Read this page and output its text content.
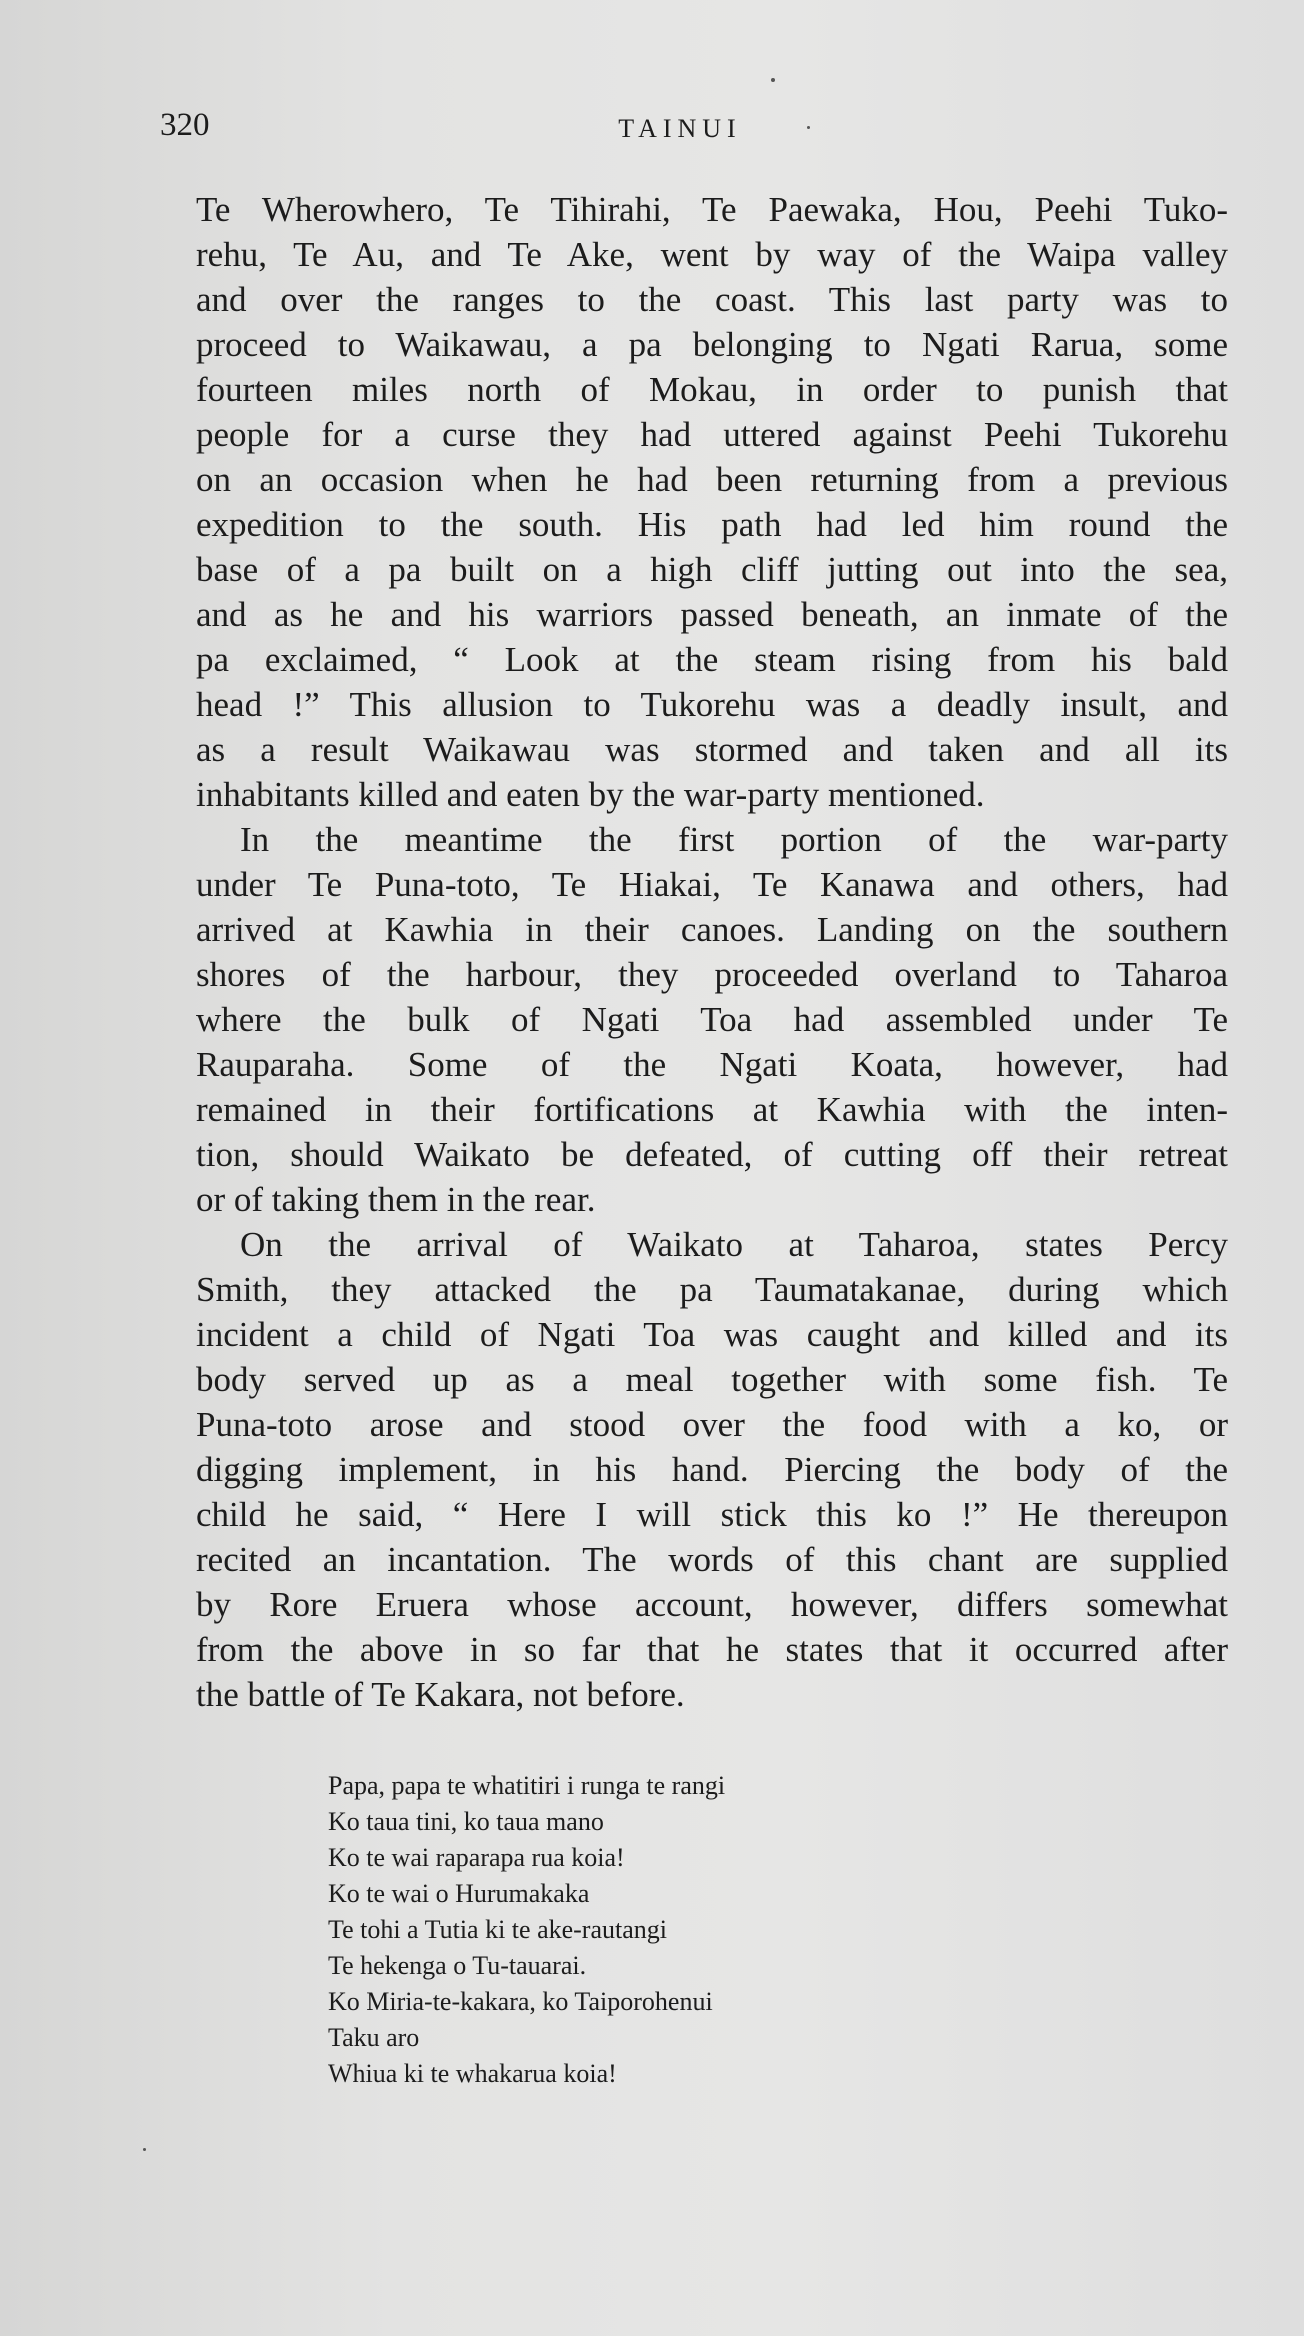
320	TAINUI
Te Wherowhero, Te Tihirahi, Te Paewaka, Hou, Peehi Tuko-
rehu, Te Au, and Te Ake, went by way of the Waipa valley
and over the ranges to the coast. This last party was to
proceed to Waikawau, a pa belonging to Ngati Rarua, some
fourteen miles north of Mokau, in order to punish that
people for a curse they had uttered against Peehi Tukorehu
on an occasion when he had been returning from a previous
expedition to the south. His path had led him round the
base of a pa built on a high cliff jutting out into the sea,
and as he and his warriors passed beneath, an inmate of the
pa exclaimed, “ Look at the steam rising from his bald
head !” This allusion to Tukorehu was a deadly insult, and
as a result Waikawau was stormed and taken and all its
inhabitants killed and eaten by the war-party mentioned.
In the meantime the first portion of the war-party
under Te Puna-toto, Te Hiakai, Te Kanawa and others, had
arrived at Kawhia in their canoes. Landing on the southern
shores of the harbour, they proceeded overland to Taharoa
where the bulk of Ngati Toa had assembled under Te
Rauparaha. Some of the Ngati Koata, however, had
remained in their fortifications at Kawhia with the inten-
tion, should Waikato be defeated, of cutting off their retreat
or of taking them in the rear.
On the arrival of Waikato at Taharoa, states Percy
Smith, they attacked the pa Taumatakanae, during which
incident a child of Ngati Toa was caught and killed and its
body served up as a meal together with some fish. Te
Puna-toto arose and stood over the food with a ko, or
digging implement, in his hand. Piercing the body of the
child he said, “ Here I will stick this ko !” He thereupon
recited an incantation. The words of this chant are supplied
by Rore Eruera whose account, however, differs somewhat
from the above in so far that he states that it occurred after
the battle of Te Kakara, not before.
Papa, papa te whatitiri i runga te rangi
Ko taua tini, ko taua mano
Ko te wai raparapa rua koia!
Ko te wai o Hurumakaka
Te tohi a Tutia ki te ake-rautangi
Te hekenga o Tu-tauarai.
Ko Miria-te-kakara, ko Taiporohenui
Taku aro
Whiua ki te whakarua koia!
